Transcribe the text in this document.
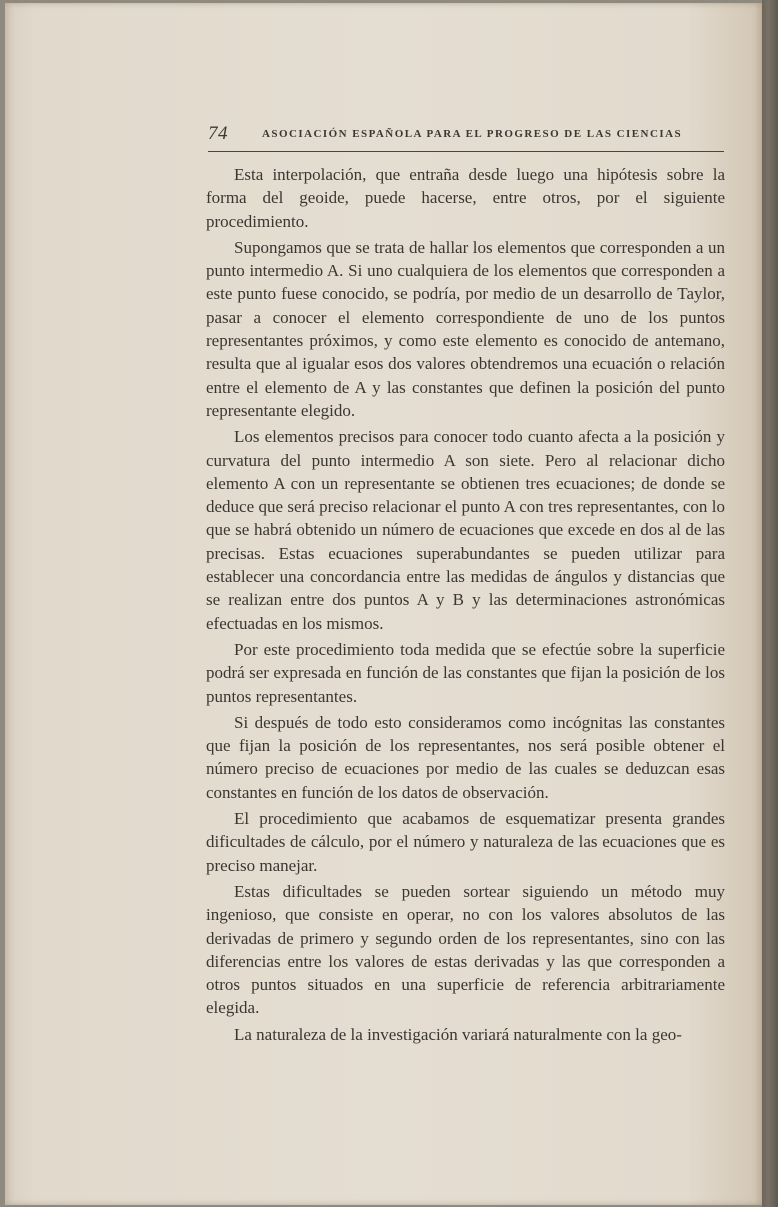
74	ASOCIACIÓN ESPAÑOLA PARA EL PROGRESO DE LAS CIENCIAS

Esta interpolación, que entraña desde luego una hipótesis sobre la forma del geoide, puede hacerse, entre otros, por el siguiente procedimiento.

Supongamos que se trata de hallar los elementos que corresponden a un punto intermedio A. Si uno cualquiera de los elementos que corresponden a este punto fuese conocido, se podría, por medio de un desarrollo de Taylor, pasar a conocer el elemento correspondiente de uno de los puntos representantes próximos, y como este elemento es conocido de antemano, resulta que al igualar esos dos valores obtendremos una ecuación o relación entre el elemento de A y las constantes que definen la posición del punto representante elegido.

Los elementos precisos para conocer todo cuanto afecta a la posición y curvatura del punto intermedio A son siete. Pero al relacionar dicho elemento A con un representante se obtienen tres ecuaciones; de donde se deduce que será preciso relacionar el punto A con tres representantes, con lo que se habrá obtenido un número de ecuaciones que excede en dos al de las precisas. Estas ecuaciones superabundantes se pueden utilizar para establecer una concordancia entre las medidas de ángulos y distancias que se realizan entre dos puntos A y B y las determinaciones astronómicas efectuadas en los mismos.

Por este procedimiento toda medida que se efectúe sobre la superficie podrá ser expresada en función de las constantes que fijan la posición de los puntos representantes.

Si después de todo esto consideramos como incógnitas las constantes que fijan la posición de los representantes, nos será posible obtener el número preciso de ecuaciones por medio de las cuales se deduzcan esas constantes en función de los datos de observación.

El procedimiento que acabamos de esquematizar presenta grandes dificultades de cálculo, por el número y naturaleza de las ecuaciones que es preciso manejar.

Estas dificultades se pueden sortear siguiendo un método muy ingenioso, que consiste en operar, no con los valores absolutos de las derivadas de primero y segundo orden de los representantes, sino con las diferencias entre los valores de estas derivadas y las que corresponden a otros puntos situados en una superficie de referencia arbitrariamente elegida.

La naturaleza de la investigación variará naturalmente con la geo-
